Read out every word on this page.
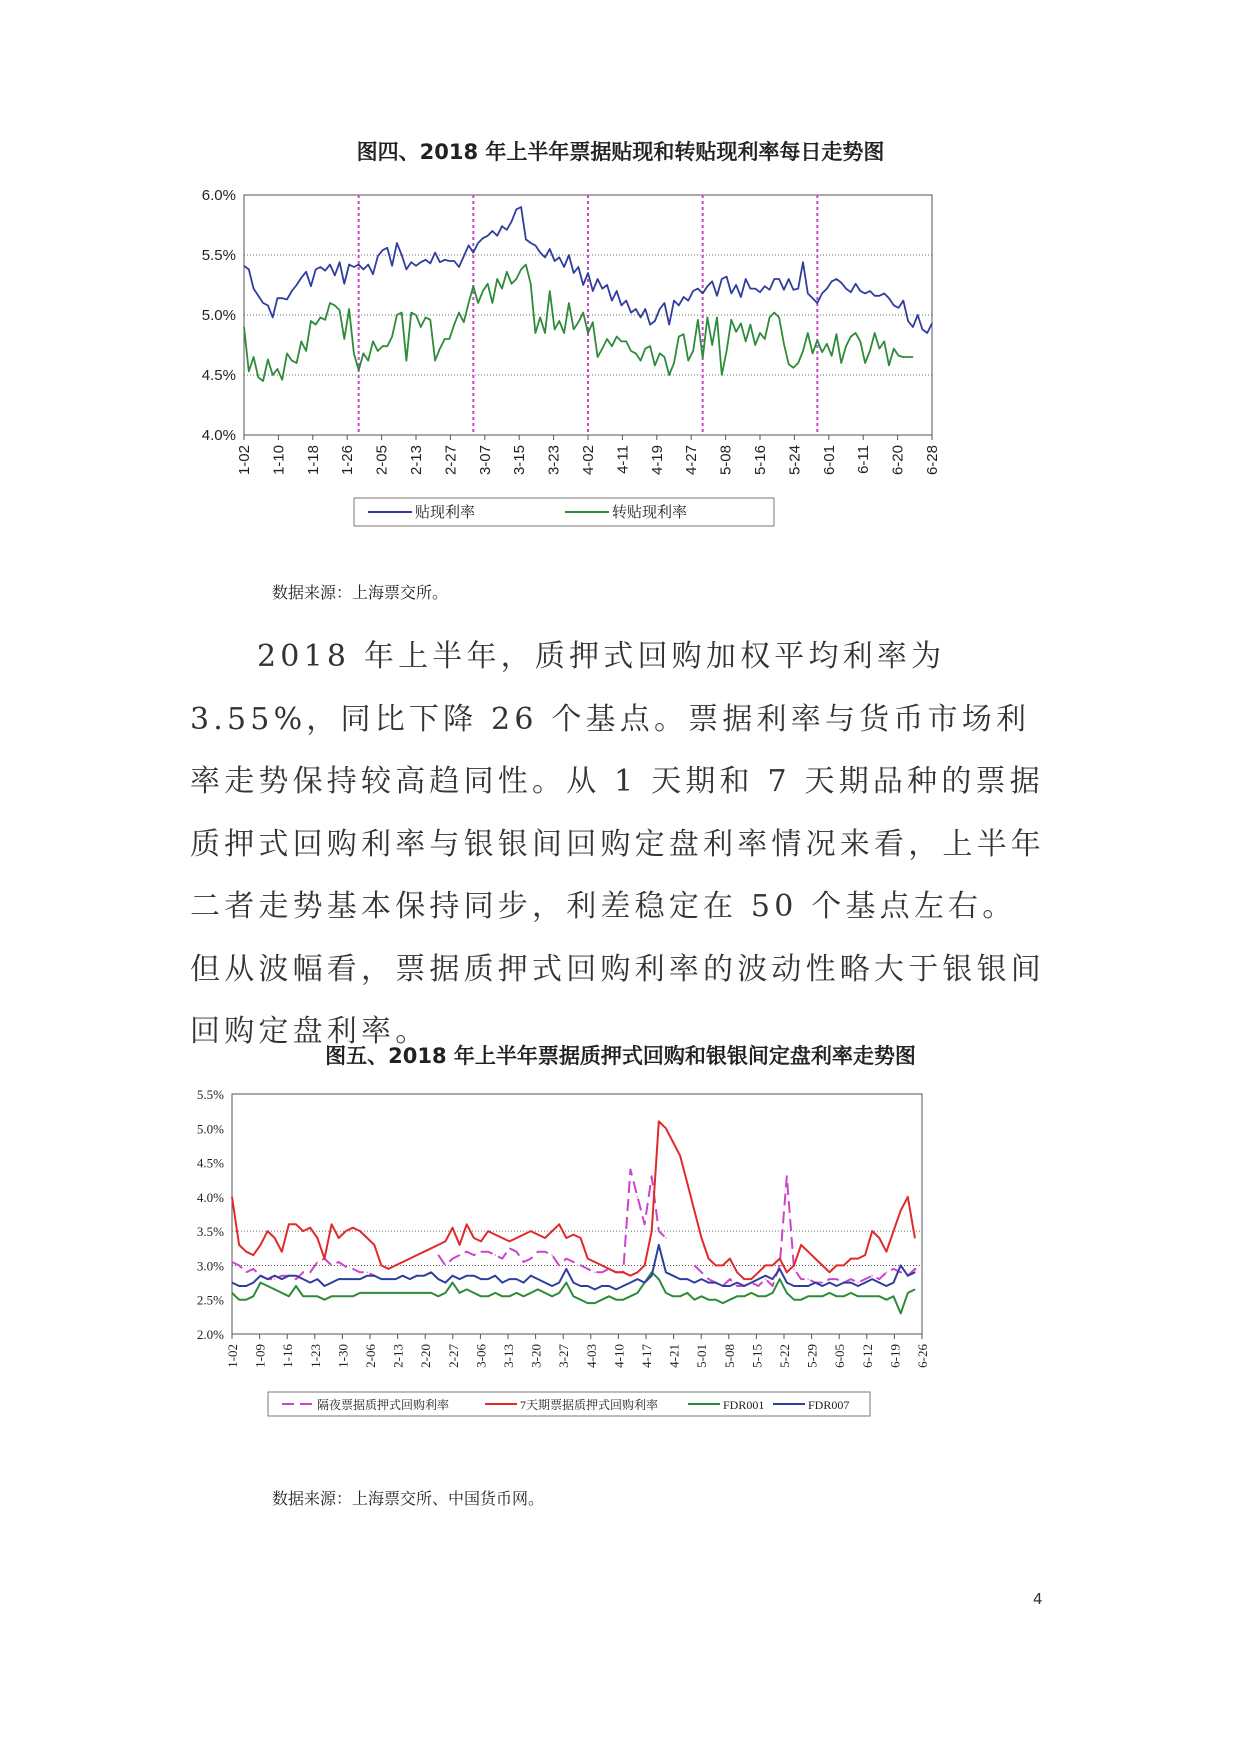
图四、2018 年上半年票据贴现和转贴现利率每日走势图
4.0%
4.5%
5.0%
5.5%
6.0%
1-02 1-10 1-18 1-26 2-05 2-13 2-27 3-07 3-15 3-23 4-02 4-11 4-19 4-27 5-08 5-16 5-24 6-01 6-11 6-20 6-28
贴现利率	转贴现利率
数据来源：上海票交所。

2018 年上半年，质押式回购加权平均利率为 3.55%，同比下降 26 个基点。票据利率与货币市场利率走势保持较高趋同性。从 1 天期和 7 天期品种的票据质押式回购利率与银银间回购定盘利率情况来看，上半年二者走势基本保持同步，利差稳定在 50 个基点左右。但从波幅看，票据质押式回购利率的波动性略大于银银间回购定盘利率。

图五、2018 年上半年票据质押式回购和银银间定盘利率走势图
2.0%
2.5%
3.0%
3.5%
4.0%
4.5%
5.0%
5.5%
1-02 1-09 1-16 1-23 1-30 2-06 2-13 2-20 2-27 3-06 3-13 3-20 3-27 4-03 4-10 4-17 4-21 5-01 5-08 5-15 5-22 5-29 6-05 6-12 6-19 6-26
隔夜票据质押式回购利率	7天期票据质押式回购利率	FDR001	FDR007
数据来源：上海票交所、中国货币网。
4
